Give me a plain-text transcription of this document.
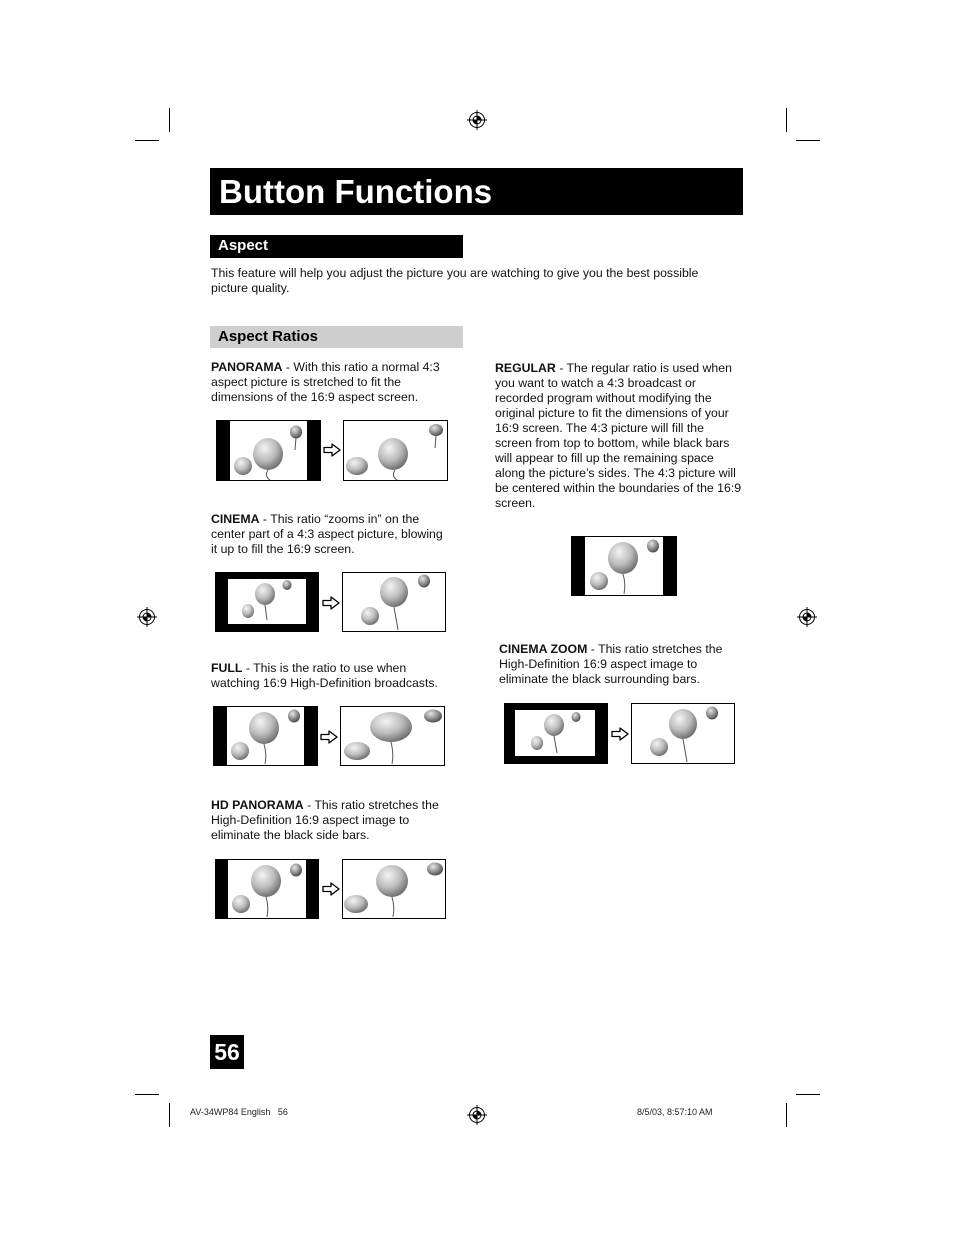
Button Functions
Aspect
This feature will help you adjust the picture you are watching to give you the best possible picture quality.
Aspect Ratios
PANORAMA - With this ratio a normal 4:3 aspect picture is stretched to fit the dimensions of the 16:9 aspect screen.
CINEMA - This ratio “zooms in” on the center part of a 4:3 aspect picture, blowing it up to fill the 16:9 screen.
FULL - This is the ratio to use when watching 16:9 High-Definition broadcasts.
HD PANORAMA - This ratio stretches the High-Definition 16:9 aspect image to eliminate the black side bars.
REGULAR - The regular ratio is used when you want to watch a 4:3 broadcast or recorded program without modifying the original picture to fit the dimensions of your 16:9 screen. The 4:3 picture will fill the screen from top to bottom, while black bars will appear to fill up the remaining space along the picture’s sides. The 4:3 picture will be centered within the boundaries of the 16:9 screen.
CINEMA ZOOM - This ratio stretches the High-Definition 16:9 aspect image to eliminate the black surrounding bars.
56
AV-34WP84 English   56	8/5/03, 8:57:10 AM
